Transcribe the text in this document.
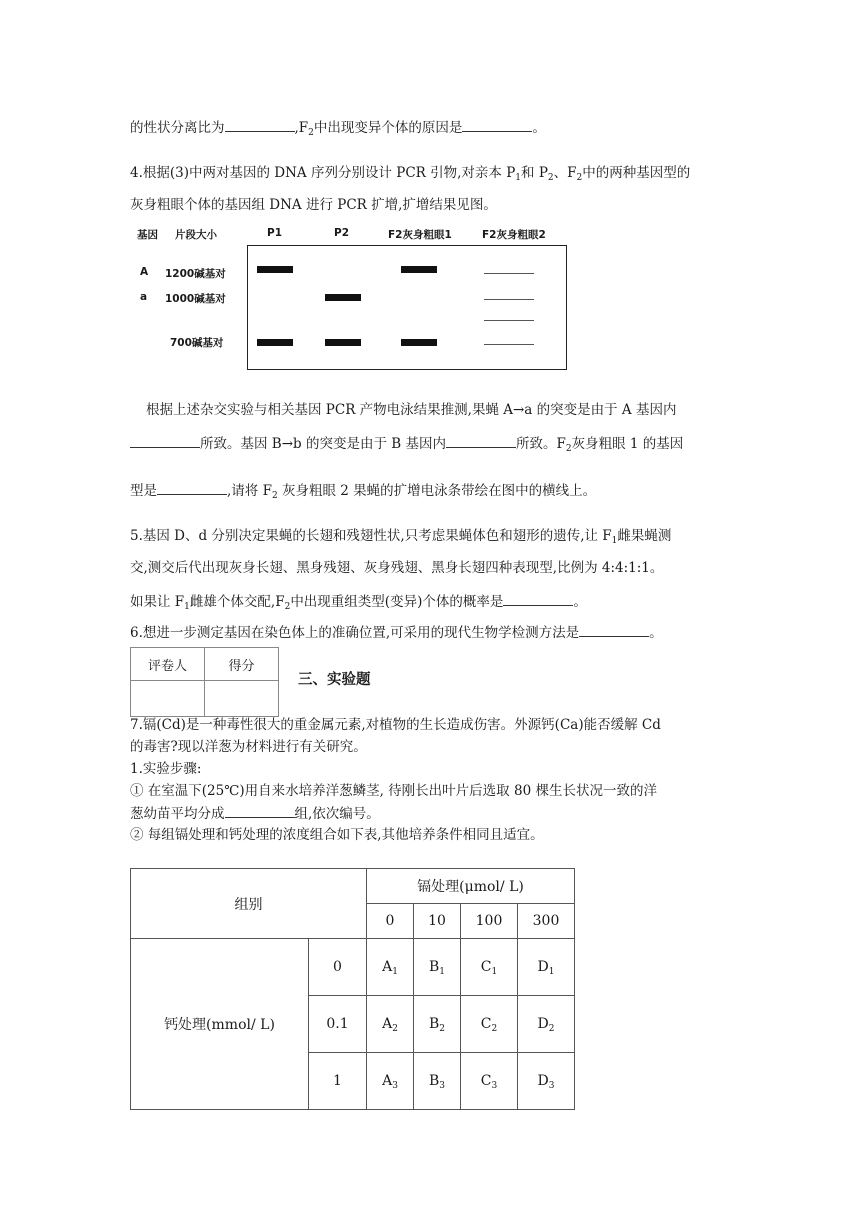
的性状分离比为	$,F_2$中出现变异个体的原因是	。
4.根据(3)中两对基因的 DNA 序列分别设计 PCR 引物,对亲本 $P_1$和 $P_2$、$F_2$中的两种基因型的
灰身粗眼个体的基因组 DNA 进行 PCR 扩增,扩增结果见图。
基因 片段大小	P1	P2	F2灰身粗眼1	F2灰身粗眼2
A 1200碱基对
a 1000碱基对
700碱基对
根据上述杂交实验与相关基因 PCR 产物电泳结果推测,果蝇 A→a 的突变是由于 A 基因内
所致。基因 B→b 的突变是由于 B 基因内	所致。$F_2$灰身粗眼 1 的基因
型是	,请将 $F_2$ 灰身粗眼 2 果蝇的扩增电泳条带绘在图中的横线上。
5.基因 D、d 分别决定果蝇的长翅和残翅性状,只考虑果蝇体色和翅形的遗传,让 $F_1$雌果蝇测
交,测交后代出现灰身长翅、黑身残翅、灰身残翅、黑身长翅四种表现型,比例为 4:4:1:1。
如果让 $F_1$雌雄个体交配$,F_2$中出现重组类型(变异)个体的概率是	。
6.想进一步测定基因在染色体上的准确位置,可采用的现代生物学检测方法是	。
评卷人	得分

三、实验题
7.镉(Cd)是一种毒性很大的重金属元素,对植物的生长造成伤害。外源钙(Ca)能否缓解 Cd
的毒害?现以洋葱为材料进行有关研究。
1.实验步骤:
① 在室温下(25℃)用自来水培养洋葱鳞茎, 待刚长出叶片后选取 80 棵生长状况一致的洋
葱幼苗平均分成	组,依次编号。
② 每组镉处理和钙处理的浓度组合如下表,其他培养条件相同且适宜。
组别		镉处理(μmol/ L)			
		0	10	100	300
钙处理(mmol/ L)	0	$A_1$	$B_1$	$C_1$	$D_1$
	0.1	$A_2$	$B_2$	$C_2$	$D_2$
	1	$A_3$	$B_3$	$C_3$	$D_3$
